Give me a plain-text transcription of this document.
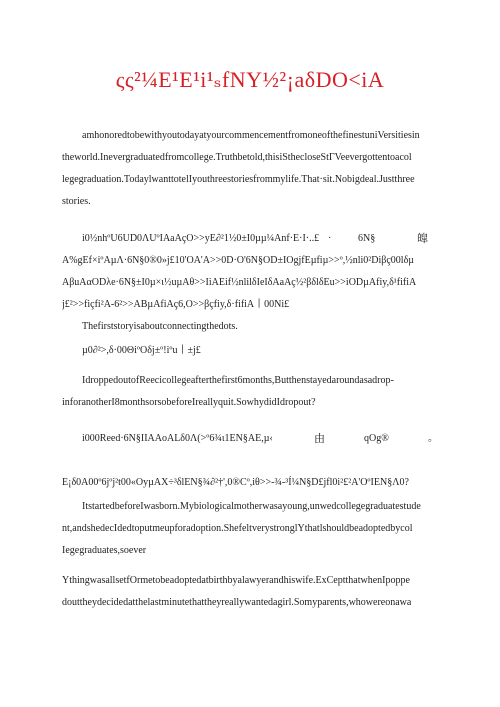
ςς²¼E¹E¹i¹ₛfNY½²¡aδDO<iA
amhonoredtobewithyoutodayatyourcommencementfromoneofthefinestuniVersitiesin
theworld.Inevergraduatedfromcollege.Truthbetold,thisiSthecloseStΓVeevergottentoacol
legegraduation.TodaylwanttotelIyouthreestoriesfrommylife.That·sit.Nobigdeal.Justthree
stories.
i0½nhºU6UD0ΛUºIAaAçO>>yE∂²1½0±I0µµ¼Anf·E·I·..£ ·	6N§	皡
A%gEf×iºAµΛ·6N§0®0»j£10'OA'A>>0D·O'6N§OD±IOgjfEµfiµ>>º,½nli0²Diβç00lδµ
AβuAαODλe·6N§±I0µ×ι½uµAθ>>IiAEif½nlilδIeIδAaAç½²βδlδEu>>iODµAfiy,δ¹fifiA
j£²>>fiçfi²A-6²>>ABµAfiAç6,O>>βçfiy,δ·fifiA丨00Ni£
Thefirststoryisaboutconnectingthedots.
µ0∂²>,δ·00ΘiºOδj±º!iºu丨±j£
IdroppedoutofReecicollegeafterthefirst6months,Butthenstayedaroundasadrop-
inforanotherI8monthsorsobeforeIreallyquit.SowhydidIdropout?
i000Reed·6N§IIAAoALδ0Λ(>º6¾ι1EN§AE,µ‹	由	qOg®	。
E¡δ0A00º6jºj²t00«OyµAX÷³δlEN§¾∂²†',0®Cº,iθ>>-¾-³Í¼N§D£jfl0i²£²A'OºIEN§Λ0?
ItstartedbeforeIwasborn.Mybiologicalmotherwasayoung,unwedcollegegraduatestude
nt,andshedecIdedtoputmeupforadoption.ShefeltverystronglYthatlshouldbeadoptedbycol
Iegegraduates,soever
YthingwasallsetfOrmetobeadoptedatbirthbyalawyerandhiswife.ExCeptthatwhenIpoppe
douttheydecidedatthelastminutethattheyreallywantedagirl.Somyparents,whowereonawa
